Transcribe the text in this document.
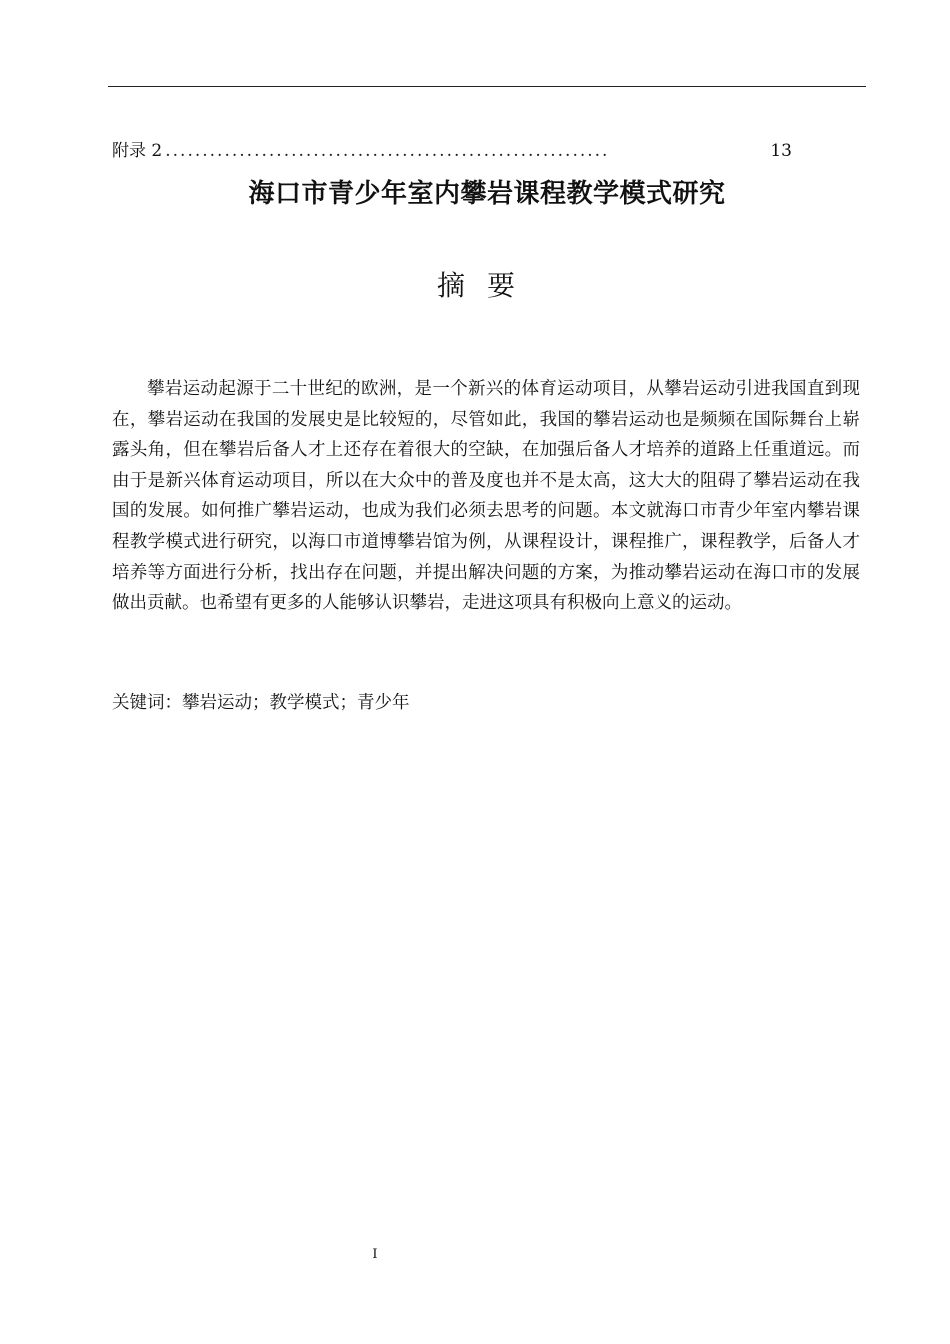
附录 2 ............................................................	13
海口市青少年室内攀岩课程教学模式研究
摘要

攀岩运动起源于二十世纪的欧洲，是一个新兴的体育运动项目，从攀岩运动引进我国直到现在，攀岩运动在我国的发展史是比较短的，尽管如此，我国的攀岩运动也是频频在国际舞台上崭露头角，但在攀岩后备人才上还存在着很大的空缺，在加强后备人才培养的道路上任重道远。而由于是新兴体育运动项目，所以在大众中的普及度也并不是太高，这大大的阻碍了攀岩运动在我国的发展。如何推广攀岩运动，也成为我们必须去思考的问题。本文就海口市青少年室内攀岩课程教学模式进行研究，以海口市道博攀岩馆为例，从课程设计，课程推广，课程教学，后备人才培养等方面进行分析，找出存在问题，并提出解决问题的方案，为推动攀岩运动在海口市的发展做出贡献。也希望有更多的人能够认识攀岩，走进这项具有积极向上意义的运动。

关键词：攀岩运动；教学模式；青少年
I
